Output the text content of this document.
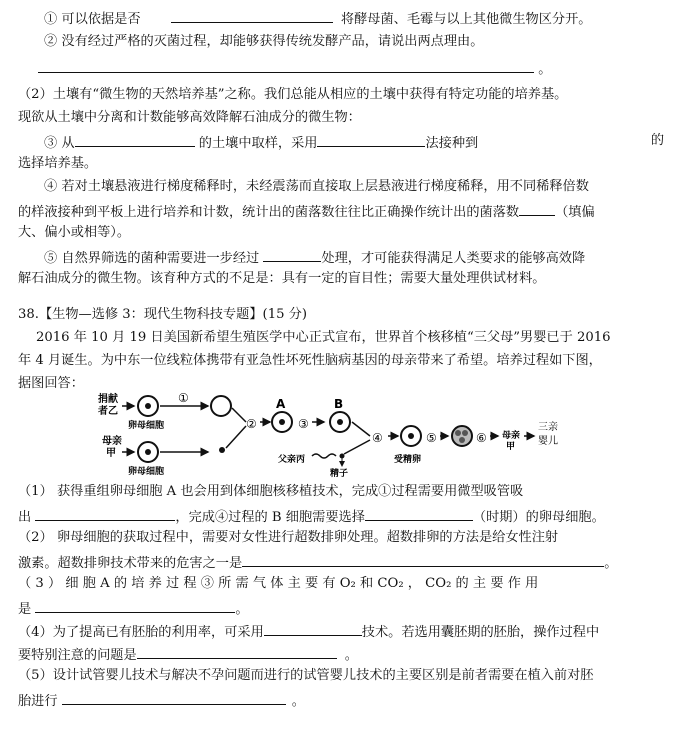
① 可以依据是否	将酵母菌、毛霉与以上其他微生物区分开。
② 没有经过严格的灭菌过程，却能够获得传统发酵产品，请说出两点理由。
。
（2）土壤有“微生物的天然培养基”之称。我们总能从相应的土壤中获得有特定功能的培养基。
现欲从土壤中分离和计数能够高效降解石油成分的微生物：
③ 从	的土壤中取样，采用	法接种到	的
选择培养基。
④ 若对土壤悬液进行梯度稀释时，未经震荡而直接取上层悬液进行梯度稀释，用不同稀释倍数
的样液接种到平板上进行培养和计数，统计出的菌落数往往比正确操作统计出的菌落数	（填偏
大、偏小或相等）。
⑤ 自然界筛选的菌种需要进一步经过	处理，才可能获得满足人类要求的能够高效降
解石油成分的微生物。该育种方式的不足是：具有一定的盲目性；需要大量处理供试材料。
38.【生物—选修 3：现代生物科技专题】(15 分)
2016 年 10 月 19 日美国新希望生殖医学中心正式宣布，世界首个核移植“三父母”男婴已于 2016
年 4 月诞生。为中东一位线粒体携带有亚急性坏死性脑病基因的母亲带来了希望。培养过程如下图，
据图回答：
捐献
者乙
卵母细胞
①
母亲
甲
卵母细胞
②
A
③
B
父亲丙
精子
④
受精卵
⑤	⑥ 母亲
甲
三亲
婴儿
（1） 获得重组卵母细胞 A 也会用到体细胞核移植技术，完成①过程需要用微型吸管吸
出	，完成④过程的 B 细胞需要选择	（时期）的卵母细胞。
（2） 卵母细胞的获取过程中，需要对女性进行超数排卵处理。超数排卵的方法是给女性注射
激素。超数排卵技术带来的危害之一是	。
（ 3 ） 细 胞 A 的 培 养 过 程 ③ 所 需 气 体 主 要 有 O₂ 和 CO₂ ， CO₂ 的 主 要 作 用
是	。
（4）为了提高已有胚胎的利用率，可采用	技术。若选用囊胚期的胚胎，操作过程中
要特别注意的问题是	。
（5）设计试管婴儿技术与解决不孕问题而进行的试管婴儿技术的主要区别是前者需要在植入前对胚
胎进行	。
